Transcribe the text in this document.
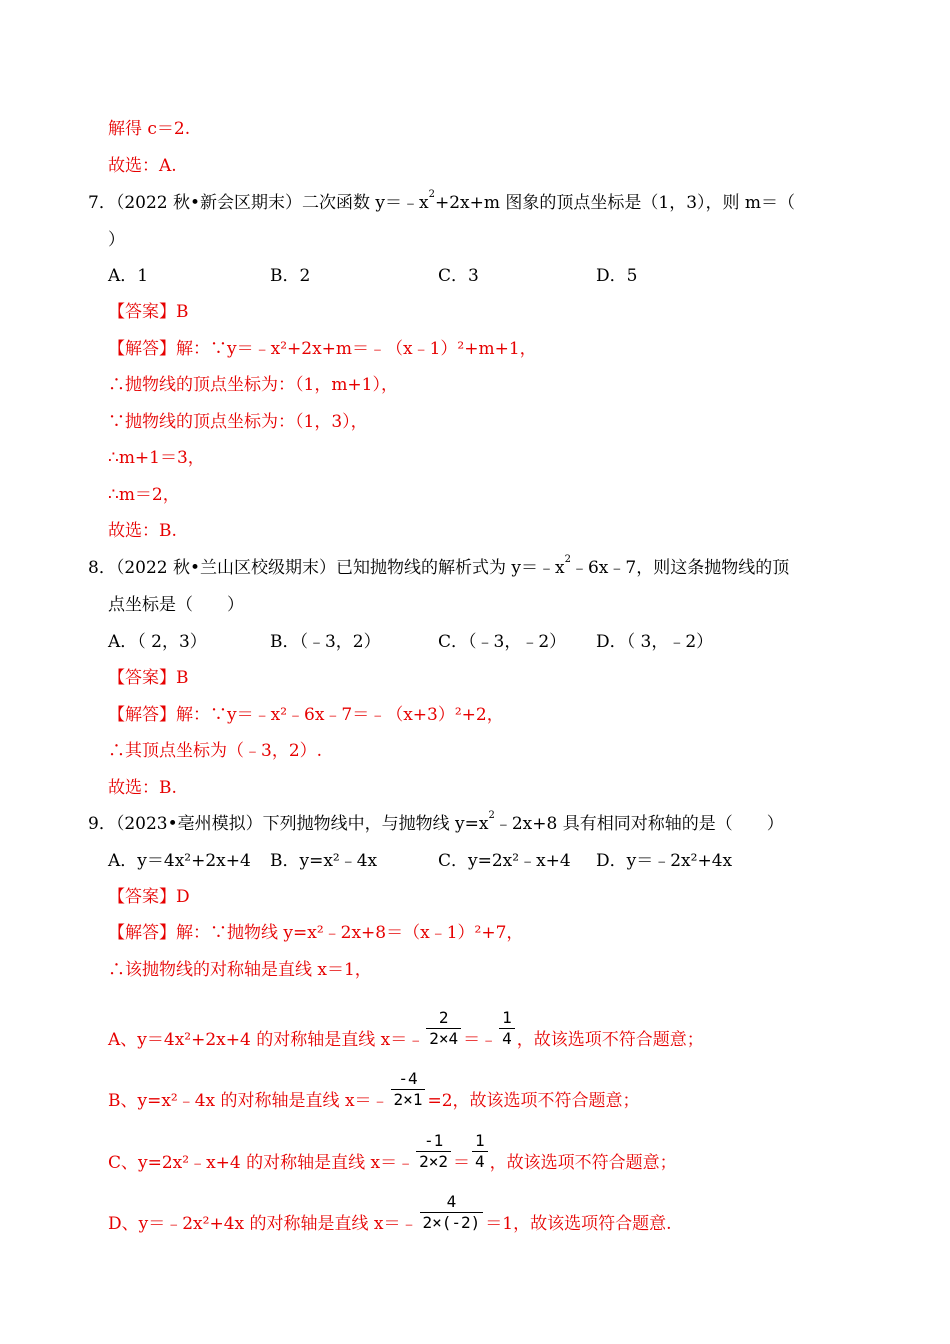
解得 c＝2.
故选：A.
7．（2022 秋•新会区期末）二次函数 $y=﹣x^2+2x+m$ 图象的顶点坐标是（1，3），则 m＝（
）
A．1	B．2	C．3	D．5
【答案】B
【解答】解：∵y＝﹣x²+2x+m＝﹣（x﹣1）²+m+1，
∴抛物线的顶点坐标为：（1，m+1），
∵抛物线的顶点坐标为：（1，3），
∴m+1＝3，
∴m＝2，
故选：B.
8．（2022 秋•兰山区校级期末）已知抛物线的解析式为 $y=﹣x^2﹣6x﹣7$，则这条抛物线的顶
点坐标是（　　）
A．（ 2，3）	B．（﹣3，2）	C．（﹣3，﹣2） D．（ 3，﹣2）
【答案】B
【解答】解：∵y＝﹣x²﹣6x﹣7＝﹣（x+3）²+2，
∴其顶点坐标为（﹣3，2）.
故选：B.
9．（2023•亳州模拟）下列抛物线中，与抛物线 $y=x^2﹣2x+8$ 具有相同对称轴的是（　　）
A．y＝4x²+2x+4 B．y=x²﹣4x	C．y=2x²﹣x+4 D．y＝﹣2x²+4x
【答案】D
【解答】解：∵抛物线 y=x²﹣2x+8＝（x﹣1）²+7，
∴该抛物线的对称轴是直线 x＝1，
A、y＝4x²+2x+4 的对称轴是直线 x＝﹣ $\frac{2}{2\times 4}$ ＝﹣ $\frac{1}{4}$ ，故该选项不符合题意；
B、y=x²﹣4x 的对称轴是直线 x＝﹣ $\frac{-4}{2\times 1} =2$，故该选项不符合题意；
C、y=2x²﹣x+4 的对称轴是直线 x＝﹣ $\frac{-1}{2\times 2} = \frac{1}{4}$ ，故该选项不符合题意；
D、y＝﹣2x²+4x 的对称轴是直线 x＝﹣ $\frac{4}{2\times(-2)} =1$，故该选项符合题意.
